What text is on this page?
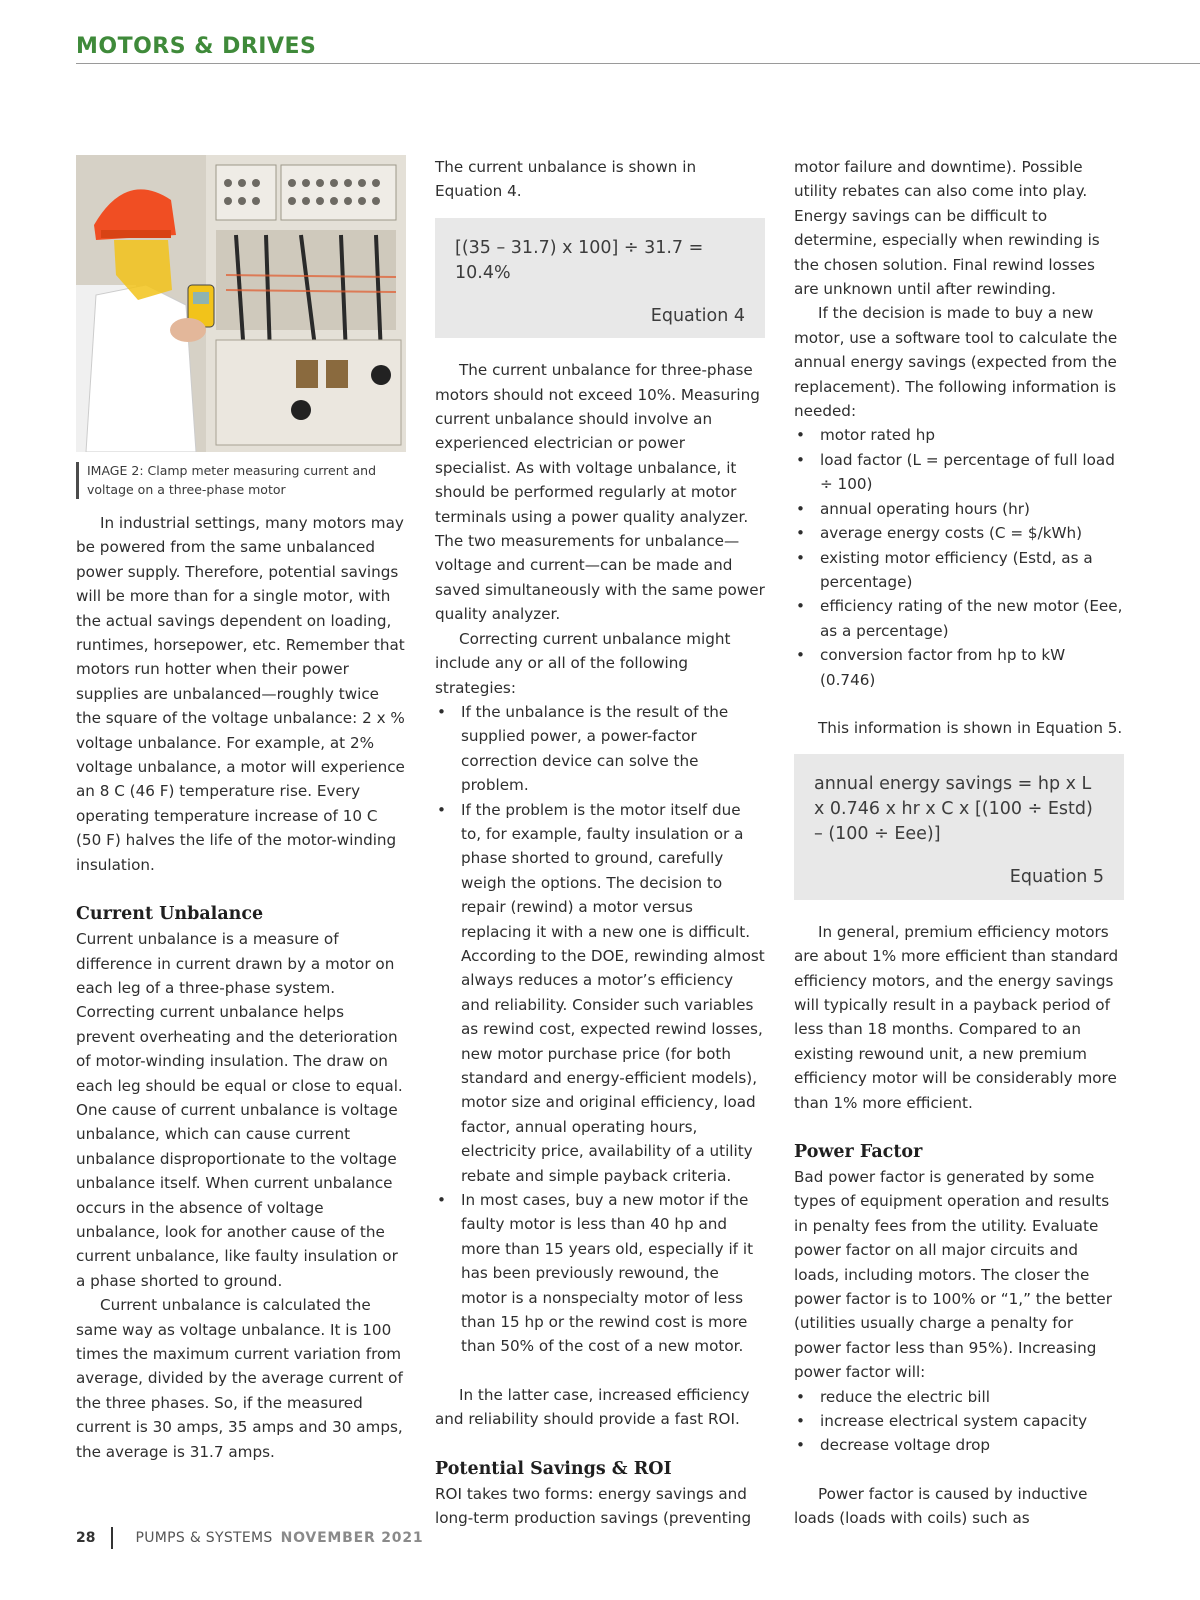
MOTORS & DRIVES

IMAGE 2: Clamp meter measuring current and voltage on a three-phase motor

In industrial settings, many motors may be powered from the same unbalanced power supply. Therefore, potential savings will be more than for a single motor, with the actual savings dependent on loading, runtimes, horsepower, etc. Remember that motors run hotter when their power supplies are unbalanced—roughly twice the square of the voltage unbalance: 2 x % voltage unbalance. For example, at 2% voltage unbalance, a motor will experience an 8 C (46 F) temperature rise. Every operating temperature increase of 10 C (50 F) halves the life of the motor-winding insulation.

Current Unbalance

Current unbalance is a measure of difference in current drawn by a motor on each leg of a three-phase system. Correcting current unbalance helps prevent overheating and the deterioration of motor-winding insulation. The draw on each leg should be equal or close to equal. One cause of current unbalance is voltage unbalance, which can cause current unbalance disproportionate to the voltage unbalance itself. When current unbalance occurs in the absence of voltage unbalance, look for another cause of the current unbalance, like faulty insulation or a phase shorted to ground.

Current unbalance is calculated the same way as voltage unbalance. It is 100 times the maximum current variation from average, divided by the average current of the three phases. So, if the measured current is 30 amps, 35 amps and 30 amps, the average is 31.7 amps.

The current unbalance is shown in Equation 4.

[(35 – 31.7) x 100] ÷ 31.7 = 10.4%
Equation 4

The current unbalance for three-phase motors should not exceed 10%. Measuring current unbalance should involve an experienced electrician or power specialist. As with voltage unbalance, it should be performed regularly at motor terminals using a power quality analyzer. The two measurements for unbalance—voltage and current—can be made and saved simultaneously with the same power quality analyzer.

Correcting current unbalance might include any or all of the following strategies:

• If the unbalance is the result of the supplied power, a power-factor correction device can solve the problem.
• If the problem is the motor itself due to, for example, faulty insulation or a phase shorted to ground, carefully weigh the options. The decision to repair (rewind) a motor versus replacing it with a new one is difficult. According to the DOE, rewinding almost always reduces a motor’s efficiency and reliability. Consider such variables as rewind cost, expected rewind losses, new motor purchase price (for both standard and energy-efficient models), motor size and original efficiency, load factor, annual operating hours, electricity price, availability of a utility rebate and simple payback criteria.
• In most cases, buy a new motor if the faulty motor is less than 40 hp and more than 15 years old, especially if it has been previously rewound, the motor is a nonspecialty motor of less than 15 hp or the rewind cost is more than 50% of the cost of a new motor.

In the latter case, increased efficiency and reliability should provide a fast ROI.

Potential Savings & ROI

ROI takes two forms: energy savings and long-term production savings (preventing

motor failure and downtime). Possible utility rebates can also come into play. Energy savings can be difficult to determine, especially when rewinding is the chosen solution. Final rewind losses are unknown until after rewinding.

If the decision is made to buy a new motor, use a software tool to calculate the annual energy savings (expected from the replacement). The following information is needed:

• motor rated hp
• load factor (L = percentage of full load ÷ 100)
• annual operating hours (hr)
• average energy costs (C = $/kWh)
• existing motor efficiency (Estd, as a percentage)
• efficiency rating of the new motor (Eee, as a percentage)
• conversion factor from hp to kW (0.746)

This information is shown in Equation 5.

annual energy savings = hp x L x 0.746 x hr x C x [(100 ÷ Estd) – (100 ÷ Eee)]
Equation 5

In general, premium efficiency motors are about 1% more efficient than standard efficiency motors, and the energy savings will typically result in a payback period of less than 18 months. Compared to an existing rewound unit, a new premium efficiency motor will be considerably more than 1% more efficient.

Power Factor

Bad power factor is generated by some types of equipment operation and results in penalty fees from the utility. Evaluate power factor on all major circuits and loads, including motors. The closer the power factor is to 100% or “1,” the better (utilities usually charge a penalty for power factor less than 95%). Increasing power factor will:

• reduce the electric bill
• increase electrical system capacity
• decrease voltage drop

Power factor is caused by inductive loads (loads with coils) such as

28	PUMPS & SYSTEMS NOVEMBER 2021
